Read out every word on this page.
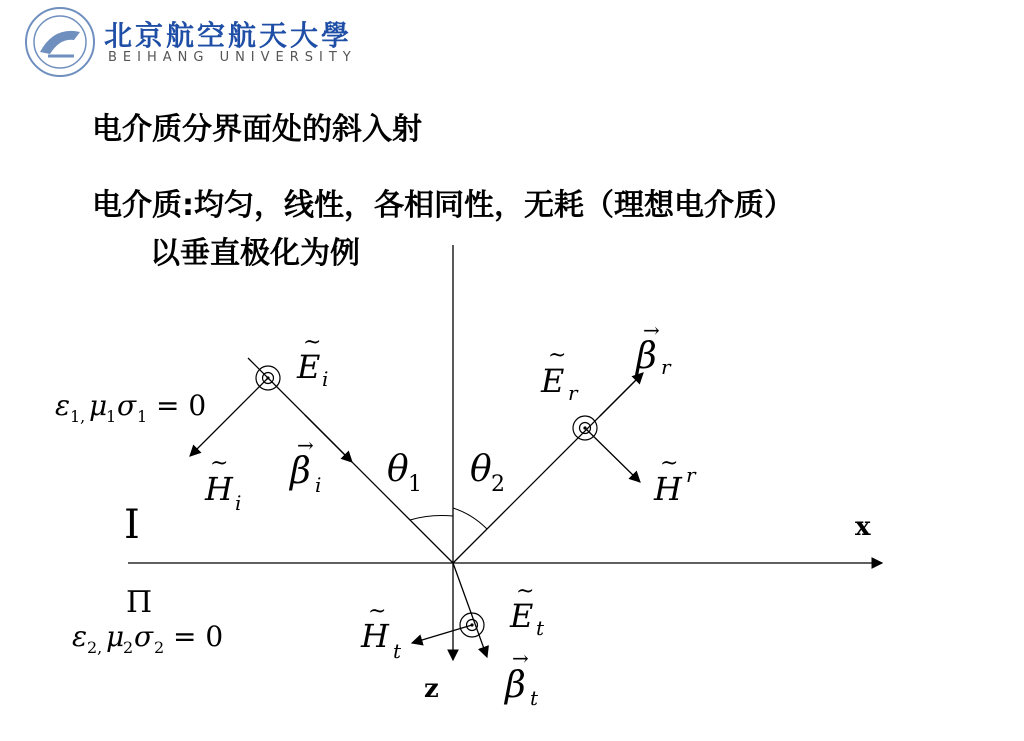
北京航空航天大學
BEIHANG UNIVERSITY
电介质分界面处的斜入射
电介质:均匀，线性，各相同性，无耗（理想电介质）
以垂直极化为例
x
z
I
Π
ε 1, μ
1 σ 1 = 0
ε 2, μ
2 σ 2 = 0
θ 1 θ 2
~
E i
~
H i
→
β i
~
E r
→
β r
~
H r
~
E t
~
H t	→
β t
